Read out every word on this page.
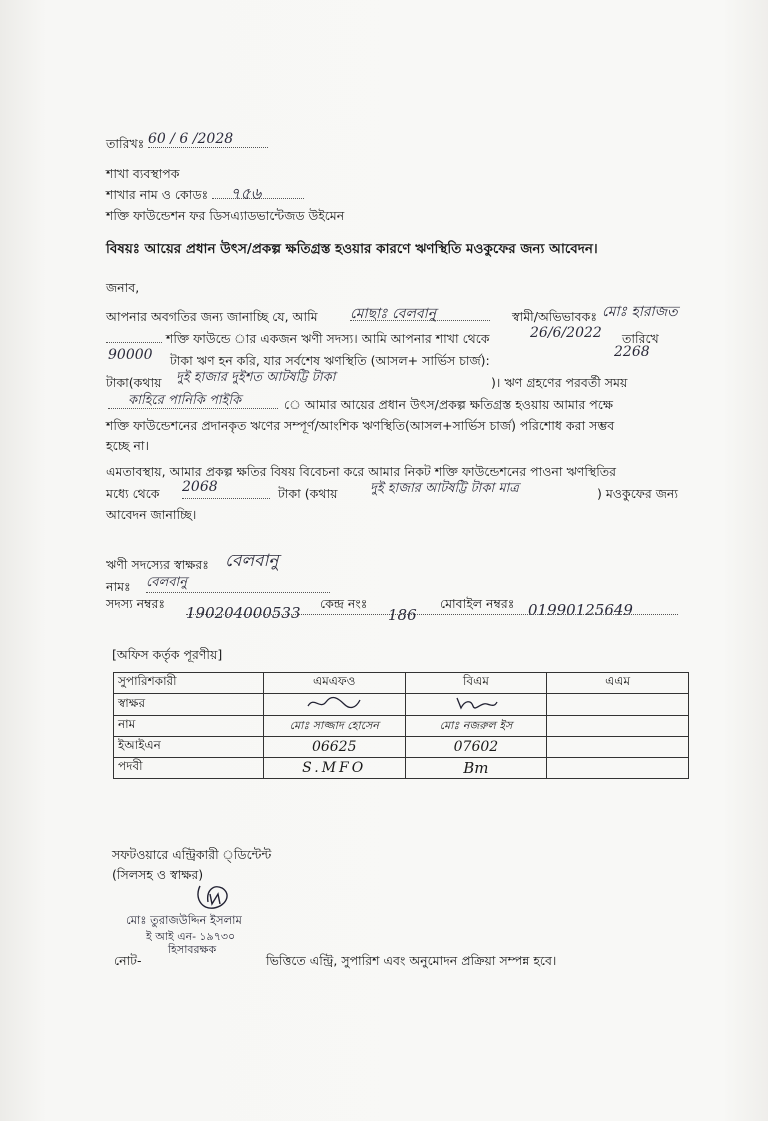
তারিখঃ 60 / 6 /2028
শাখা ব্যবস্থাপক
শাখার নাম ও কোডঃ	৭৫৬
শক্তি ফাউন্ডেশন ফর ডিসএ্যাডভান্টেজড উইমেন
বিষয়ঃ আয়ের প্রধান উৎস/প্রকল্প ক্ষতিগ্রস্ত হওয়ার কারণে ঋণস্থিতি মওকুফের জন্য আবেদন।
জনাব,
আপনার অবগতির জন্য জানাচ্ছি যে, আমি মোছাঃ বেলবানু	স্বামী/অভিভাবকঃ মোঃ হারাজত
শক্তি ফাউন্ডে ার একজন ঋণী সদস্য। আমি আপনার শাখা থেকে	26/6/2022 তারিখে
90000 টাকা ঋণ হন করি, যার সর্বশেষ ঋণস্থিতি (আসল+ সার্ভিস চার্জ):
2268
টাকা(কথায় দুই হাজার দুইশত আটষট্টি টাকা	)। ঋণ গ্রহণের পরবর্তী সময়
কাহিরে পানিকি পাইকি	ে আমার আয়ের প্রধান উৎস/প্রকল্প ক্ষতিগ্রস্ত হওয়ায় আমার পক্ষে
শক্তি ফাউন্ডেশনের প্রদানকৃত ঋণের সম্পূর্ণ/আংশিক ঋণস্থিতি(আসল+সার্ভিস চার্জ) পরিশোধ করা সম্ভব
হচ্ছে না।
এমতাবস্থায়, আমার প্রকল্প ক্ষতির বিষয় বিবেচনা করে আমার নিকট শক্তি ফাউন্ডেশনের পাওনা ঋণস্থিতির
মধ্যে থেকে 2068	টাকা (কথায়	দুই হাজার আটষট্টি টাকা মাত্র	) মওকুফের জন্য
আবেদন জানাচ্ছি।
ঋণী সদস্যের স্বাক্ষরঃ বেলবানু
নামঃ বেলবানু
সদস্য নম্বরঃ
190204000533
কেন্দ্র নংঃ
186
মোবাইল নম্বরঃ 01990125649
[অফিস কর্তৃক পূরণীয়]
সুপারিশকারী	এমএফও	বিএম	এএম
স্বাক্ষর			
নাম	মোঃ সাজ্জাদ হোসেন	মোঃ নজরুল ইস	
ইআইএন	06625	07602	
পদবী	S.MFO	Bm	
সফটওয়ারে এন্ট্রিকারী ্ডিন্টেন্ট
(সিলসহ ও স্বাক্ষর)
মোঃ তুরাজউদ্দিন ইসলাম
ই আই এন- ১৯৭৩০
হিসাবরক্ষক
নোট-	ভিত্তিতে এন্ট্রি, সুপারিশ এবং অনুমোদন প্রক্রিয়া সম্পন্ন হবে।
